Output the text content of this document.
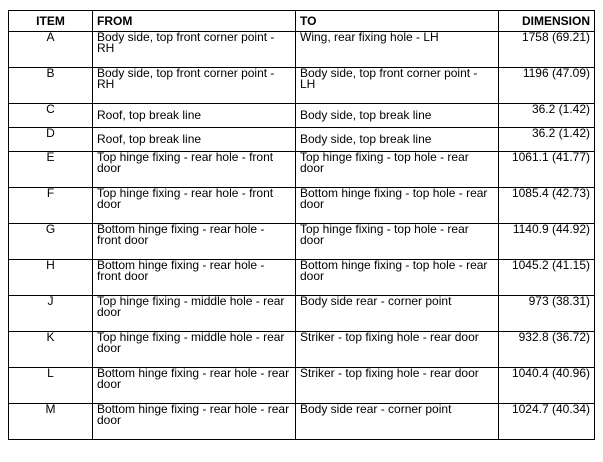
ITEM	FROM	TO	DIMENSION
A	Body side, top front corner point - RH	Wing, rear fixing hole - LH	1758 (69.21)
B	Body side, top front corner point - RH	Body side, top front corner point - LH	1196 (47.09)
C	Roof, top break line	Body side, top break line	36.2 (1.42)
D	Roof, top break line	Body side, top break line	36.2 (1.42)
E	Top hinge fixing - rear hole - front door	Top hinge fixing - top hole - rear door	1061.1 (41.77)
F	Top hinge fixing - rear hole - front door	Bottom hinge fixing - top hole - rear door	1085.4 (42.73)
G	Bottom hinge fixing - rear hole - front door	Top hinge fixing - top hole - rear door	1140.9 (44.92)
H	Bottom hinge fixing - rear hole - front door	Bottom hinge fixing - top hole - rear door	1045.2 (41.15)
J	Top hinge fixing - middle hole - rear door	Body side rear - corner point	973 (38.31)
K	Top hinge fixing - middle hole - rear door	Striker - top fixing hole - rear door	932.8 (36.72)
L	Bottom hinge fixing - rear hole - rear door	Striker - top fixing hole - rear door	1040.4 (40.96)
M	Bottom hinge fixing - rear hole - rear door	Body side rear - corner point	1024.7 (40.34)
